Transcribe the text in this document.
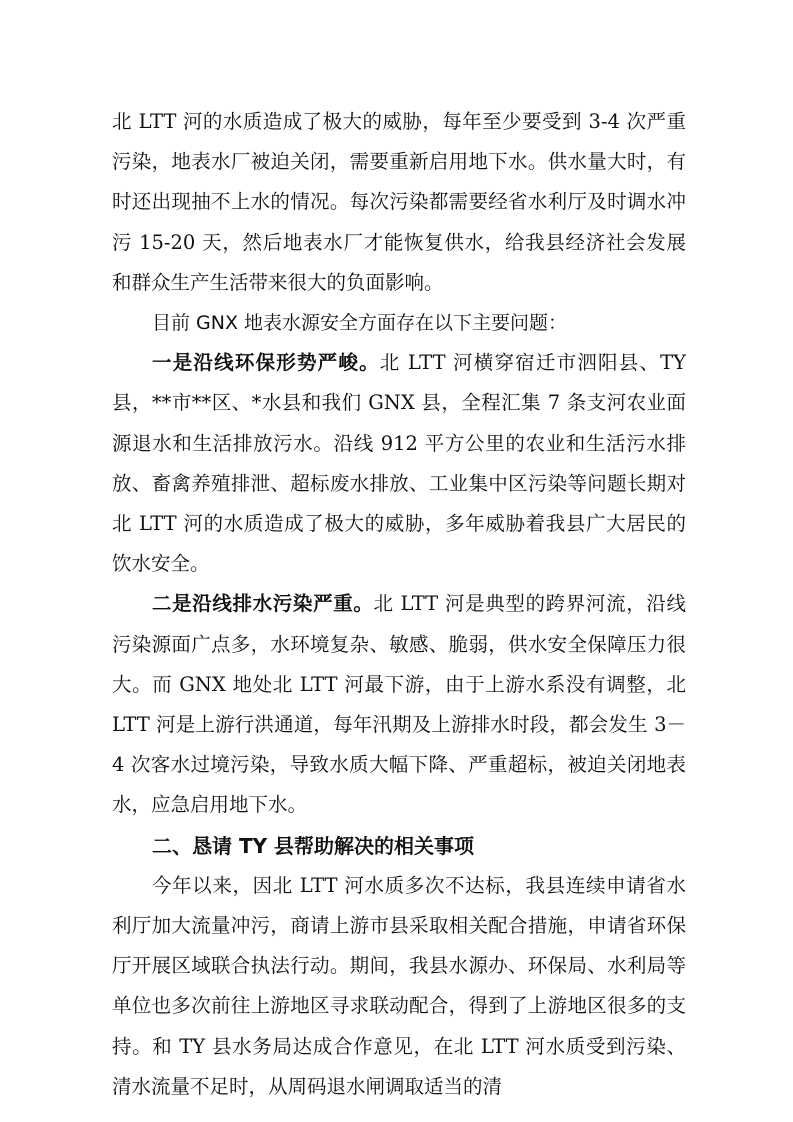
北 LTT 河的水质造成了极大的威胁，每年至少要受到 3-4 次严重污染，地表水厂被迫关闭，需要重新启用地下水。供水量大时，有时还出现抽不上水的情况。每次污染都需要经省水利厅及时调水冲污 15-20 天，然后地表水厂才能恢复供水，给我县经济社会发展和群众生产生活带来很大的负面影响。

目前 GNX 地表水源安全方面存在以下主要问题：

一是沿线环保形势严峻。北 LTT 河横穿宿迁市泗阳县、TY 县，**市**区、*水县和我们 GNX 县，全程汇集 7 条支河农业面源退水和生活排放污水。沿线 912 平方公里的农业和生活污水排放、畜禽养殖排泄、超标废水排放、工业集中区污染等问题长期对北 LTT 河的水质造成了极大的威胁，多年威胁着我县广大居民的饮水安全。

二是沿线排水污染严重。北 LTT 河是典型的跨界河流，沿线污染源面广点多，水环境复杂、敏感、脆弱，供水安全保障压力很大。而 GNX 地处北 LTT 河最下游，由于上游水系没有调整，北 LTT 河是上游行洪通道，每年汛期及上游排水时段，都会发生 3－4 次客水过境污染，导致水质大幅下降、严重超标，被迫关闭地表水，应急启用地下水。

二、恳请 TY 县帮助解决的相关事项

今年以来，因北 LTT 河水质多次不达标，我县连续申请省水利厅加大流量冲污，商请上游市县采取相关配合措施，申请省环保厅开展区域联合执法行动。期间，我县水源办、环保局、水利局等单位也多次前往上游地区寻求联动配合，得到了上游地区很多的支持。和 TY 县水务局达成合作意见，在北 LTT 河水质受到污染、清水流量不足时，从周码退水闸调取适当的清
